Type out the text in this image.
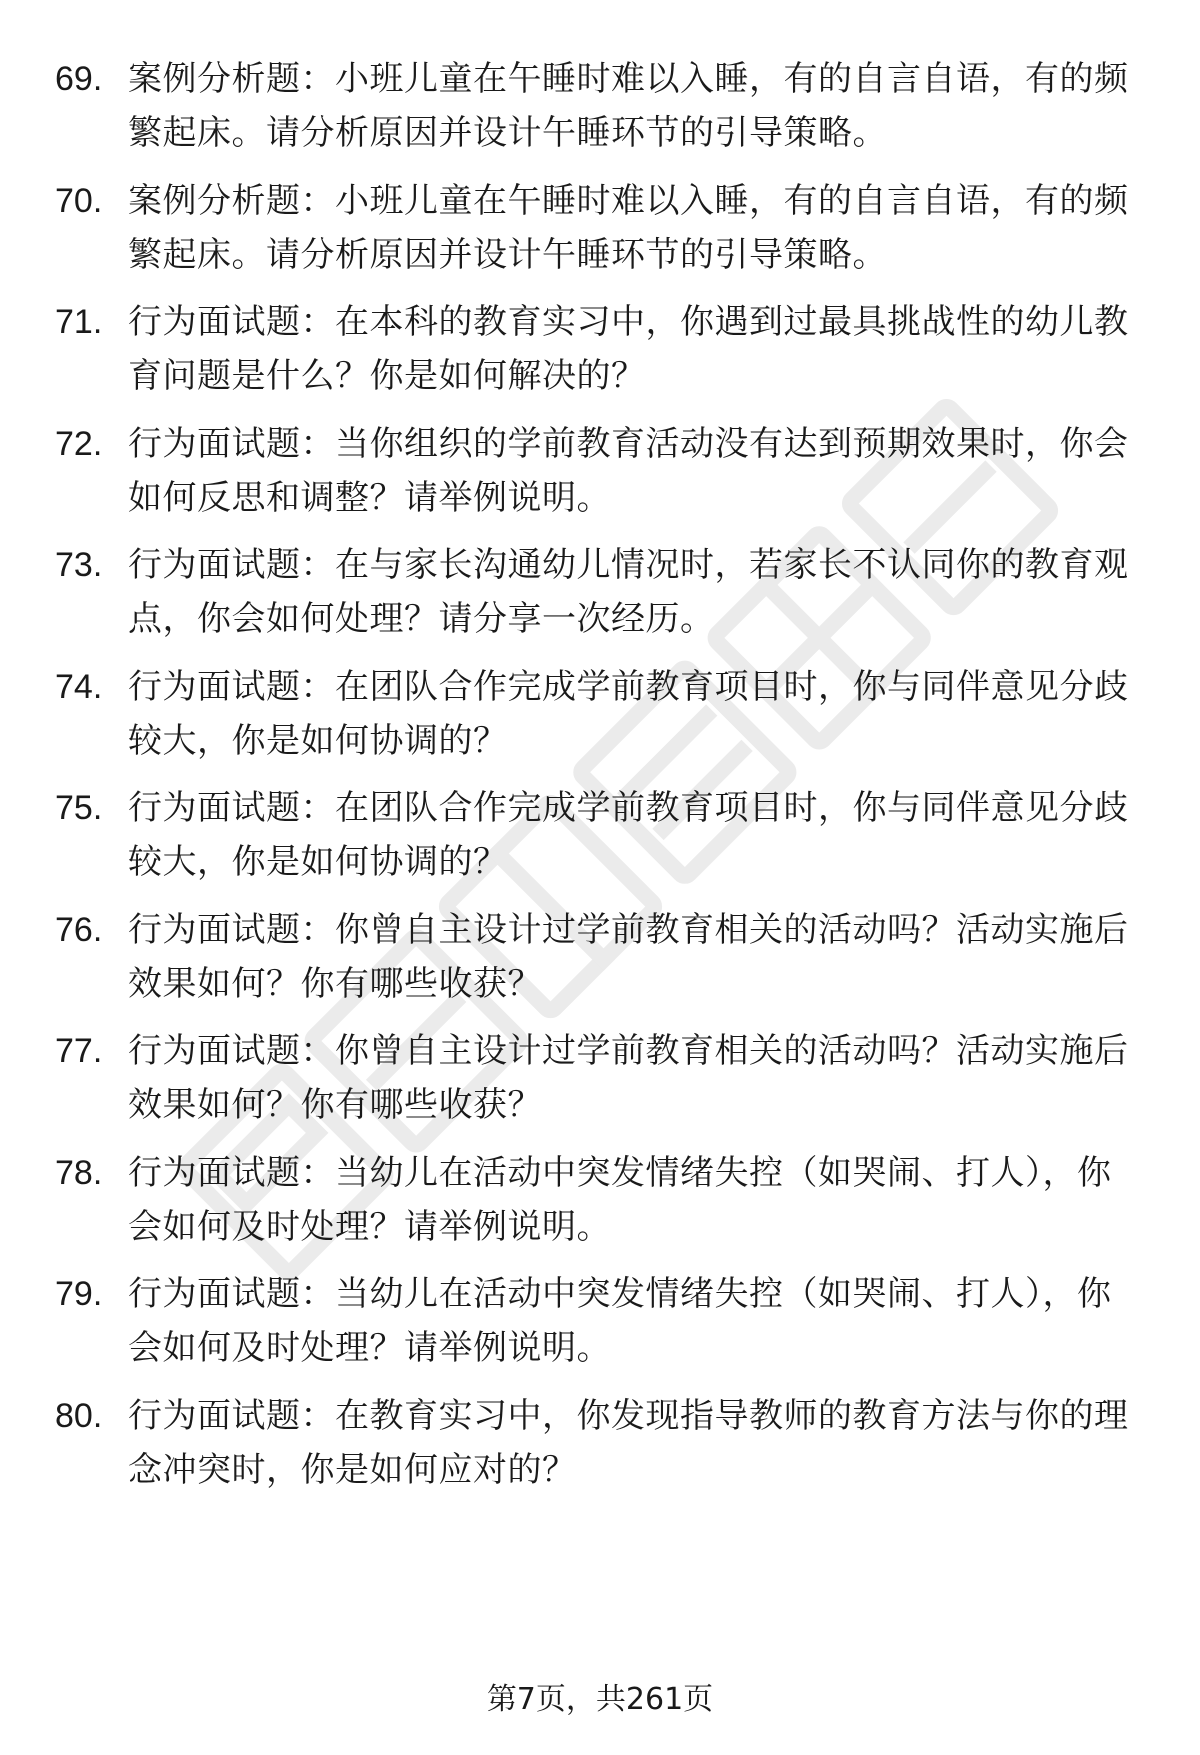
69. 案例分析题：小班儿童在午睡时难以入睡，有的自言自语，有的频繁起床。请分析原因并设计午睡环节的引导策略。
70. 案例分析题：小班儿童在午睡时难以入睡，有的自言自语，有的频繁起床。请分析原因并设计午睡环节的引导策略。
71. 行为面试题：在本科的教育实习中，你遇到过最具挑战性的幼儿教育问题是什么？你是如何解决的？
72. 行为面试题：当你组织的学前教育活动没有达到预期效果时，你会如何反思和调整？请举例说明。
73. 行为面试题：在与家长沟通幼儿情况时，若家长不认同你的教育观点，你会如何处理？请分享一次经历。
74. 行为面试题：在团队合作完成学前教育项目时，你与同伴意见分歧较大，你是如何协调的？
75. 行为面试题：在团队合作完成学前教育项目时，你与同伴意见分歧较大，你是如何协调的？
76. 行为面试题：你曾自主设计过学前教育相关的活动吗？活动实施后效果如何？你有哪些收获？
77. 行为面试题：你曾自主设计过学前教育相关的活动吗？活动实施后效果如何？你有哪些收获？
78. 行为面试题：当幼儿在活动中突发情绪失控（如哭闹、打人），你会如何及时处理？请举例说明。
79. 行为面试题：当幼儿在活动中突发情绪失控（如哭闹、打人），你会如何及时处理？请举例说明。
80. 行为面试题：在教育实习中，你发现指导教师的教育方法与你的理念冲突时，你是如何应对的？
第7页，共261页
